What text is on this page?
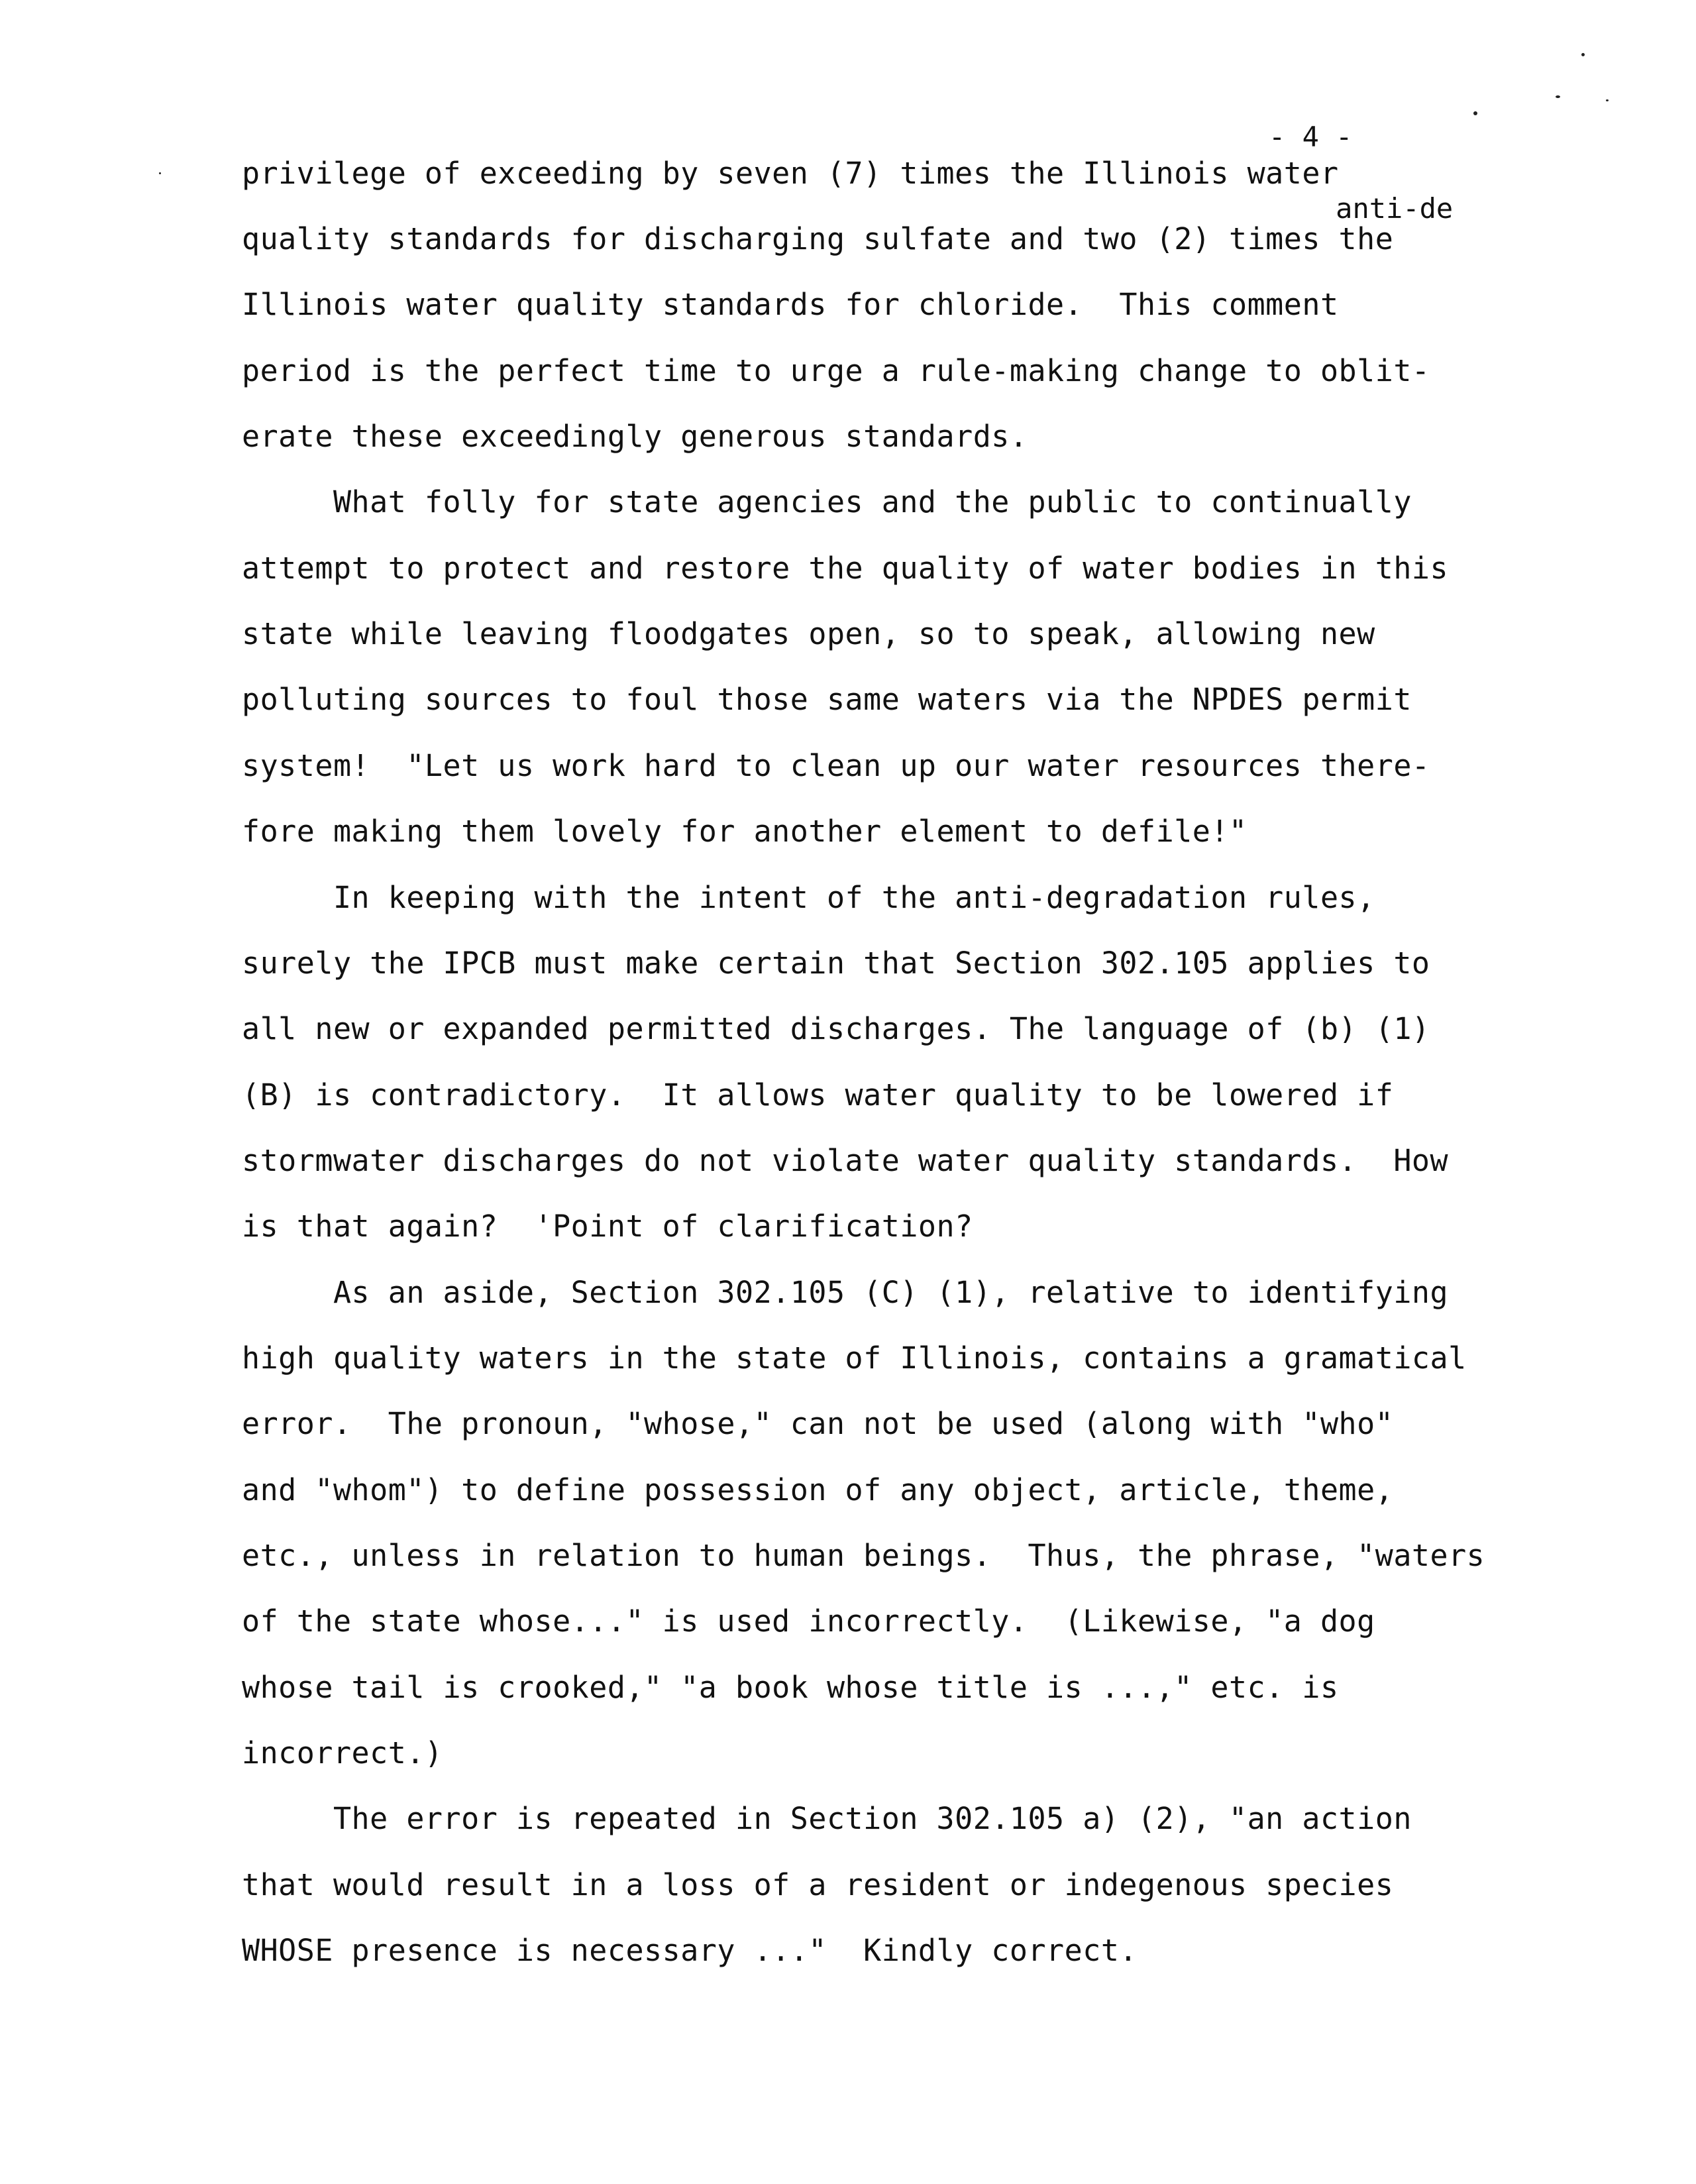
- 4 -

anti-de

privilege of exceeding by seven (7) times the Illinois water
quality standards for discharging sulfate and two (2) times the
Illinois water quality standards for chloride.  This comment
period is the perfect time to urge a rule-making change to oblit-
erate these exceedingly generous standards.
What folly for state agencies and the public to continually
attempt to protect and restore the quality of water bodies in this
state while leaving floodgates open, so to speak, allowing new
polluting sources to foul those same waters via the NPDES permit
system!  "Let us work hard to clean up our water resources there-
fore making them lovely for another element to defile!"
In keeping with the intent of the anti-degradation rules,
surely the IPCB must make certain that Section 302.105 applies to
all new or expanded permitted discharges. The language of (b) (1)
(B) is contradictory.  It allows water quality to be lowered if
stormwater discharges do not violate water quality standards.  How
is that again?  'Point of clarification?
As an aside, Section 302.105 (C) (1), relative to identifying
high quality waters in the state of Illinois, contains a gramatical
error.  The pronoun, "whose," can not be used (along with "who"
and "whom") to define possession of any object, article, theme,
etc., unless in relation to human beings.  Thus, the phrase, "waters
of the state whose..." is used incorrectly.  (Likewise, "a dog
whose tail is crooked," "a book whose title is ...," etc. is
incorrect.)
The error is repeated in Section 302.105 a) (2), "an action
that would result in a loss of a resident or indegenous species
WHOSE presence is necessary ..."  Kindly correct.
